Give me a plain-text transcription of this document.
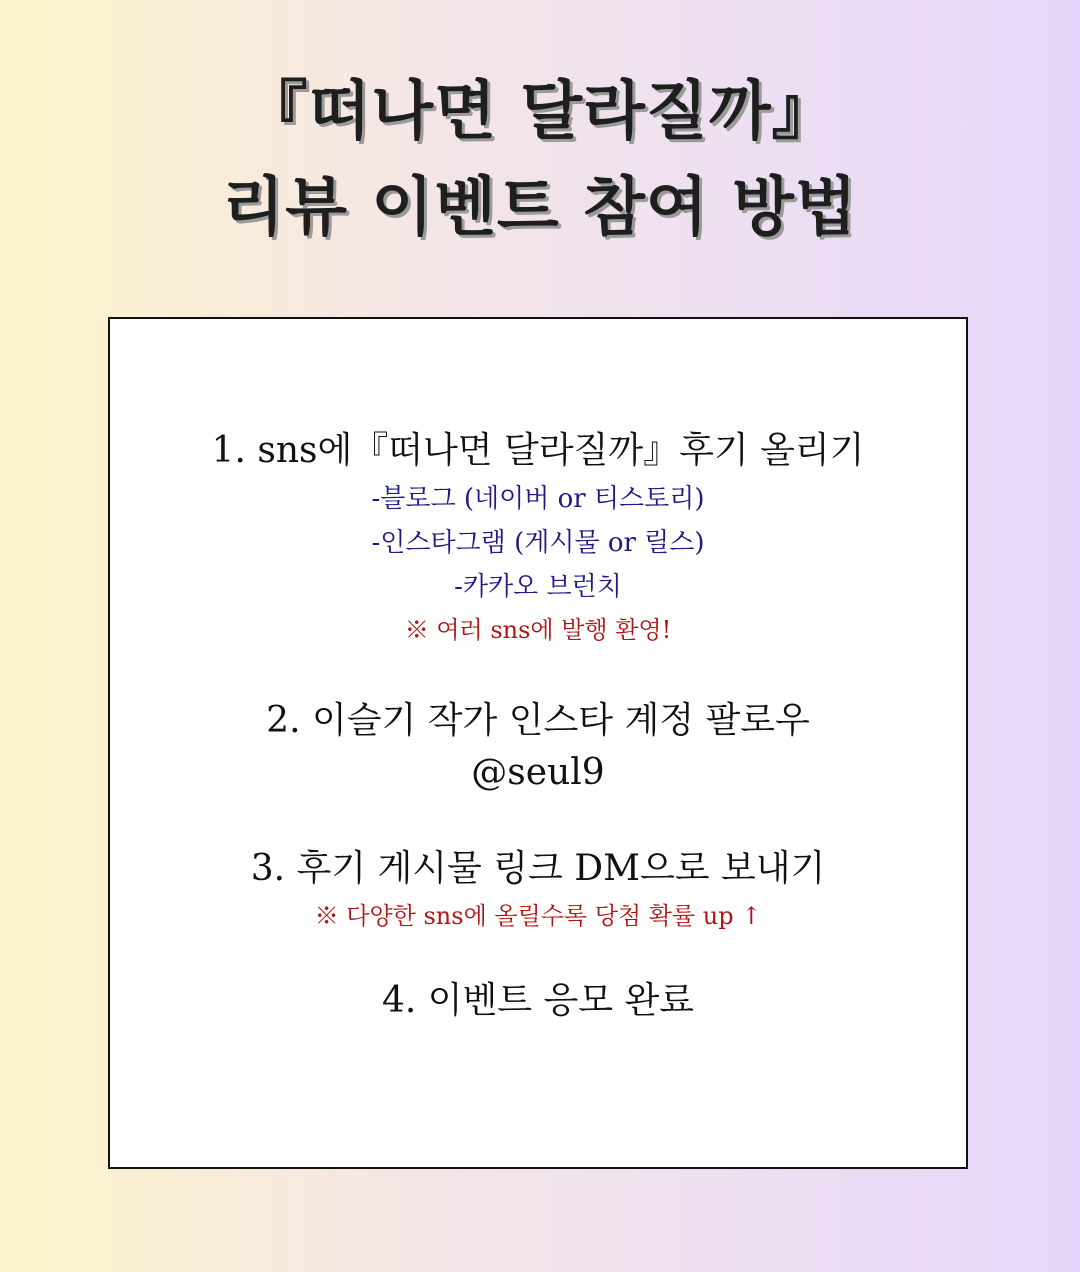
『떠나면 달라질까』
리뷰 이벤트 참여 방법
1. sns에『떠나면 달라질까』후기 올리기
-블로그 (네이버 or 티스토리)
-인스타그램 (게시물 or 릴스)
-카카오 브런치
※ 여러 sns에 발행 환영!
2. 이슬기 작가 인스타 계정 팔로우
@seul9
3. 후기 게시물 링크 DM으로 보내기
※ 다양한 sns에 올릴수록 당첨 확률 up ↑
4. 이벤트 응모 완료
